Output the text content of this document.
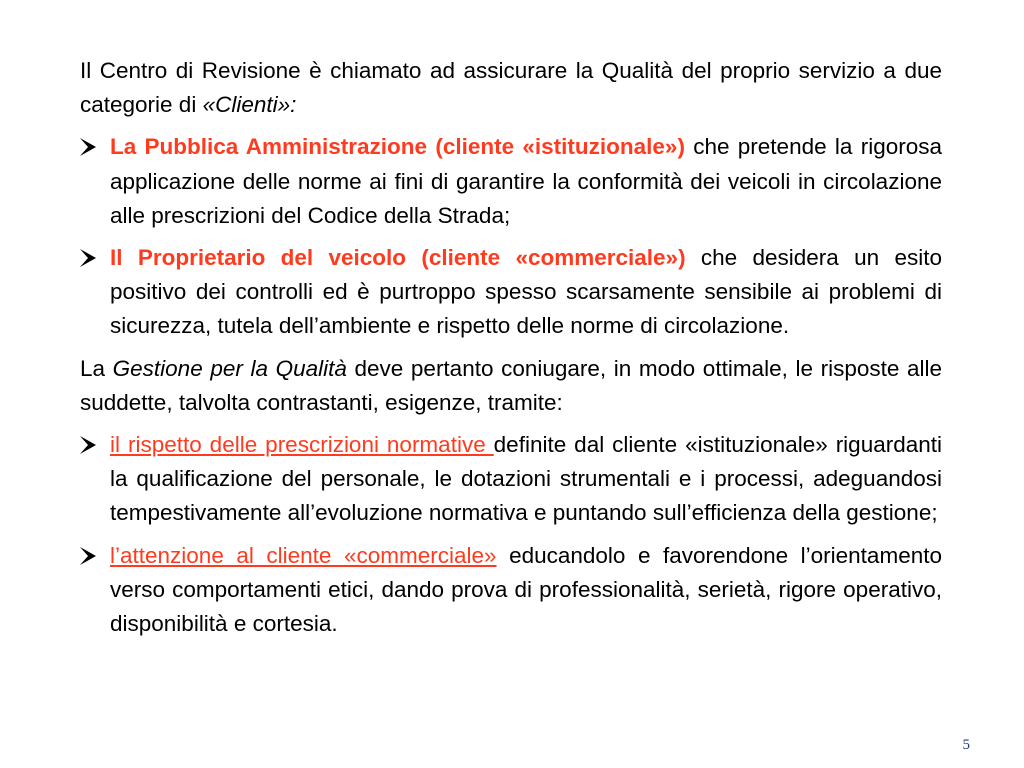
Il Centro di Revisione è chiamato ad assicurare la Qualità del proprio servizio a due categorie di «Clienti»:

La Pubblica Amministrazione (cliente «istituzionale») che pretende la rigorosa applicazione delle norme ai fini di garantire la conformità dei veicoli in circolazione alle prescrizioni del Codice della Strada;

Il Proprietario del veicolo (cliente «commerciale») che desidera un esito positivo dei controlli ed è purtroppo spesso scarsamente sensibile ai problemi di sicurezza, tutela dell’ambiente e rispetto delle norme di circolazione.

La Gestione per la Qualità deve pertanto coniugare, in modo ottimale, le risposte alle suddette, talvolta contrastanti, esigenze, tramite:

il rispetto delle prescrizioni normative definite dal cliente «istituzionale» riguardanti la qualificazione del personale, le dotazioni strumentali e i processi, adeguandosi tempestivamente all’evoluzione normativa e puntando sull’efficienza della gestione;

l’attenzione al cliente «commerciale» educandolo e favorendone l’orientamento verso comportamenti etici, dando prova di professionalità, serietà, rigore operativo, disponibilità e cortesia.

5
